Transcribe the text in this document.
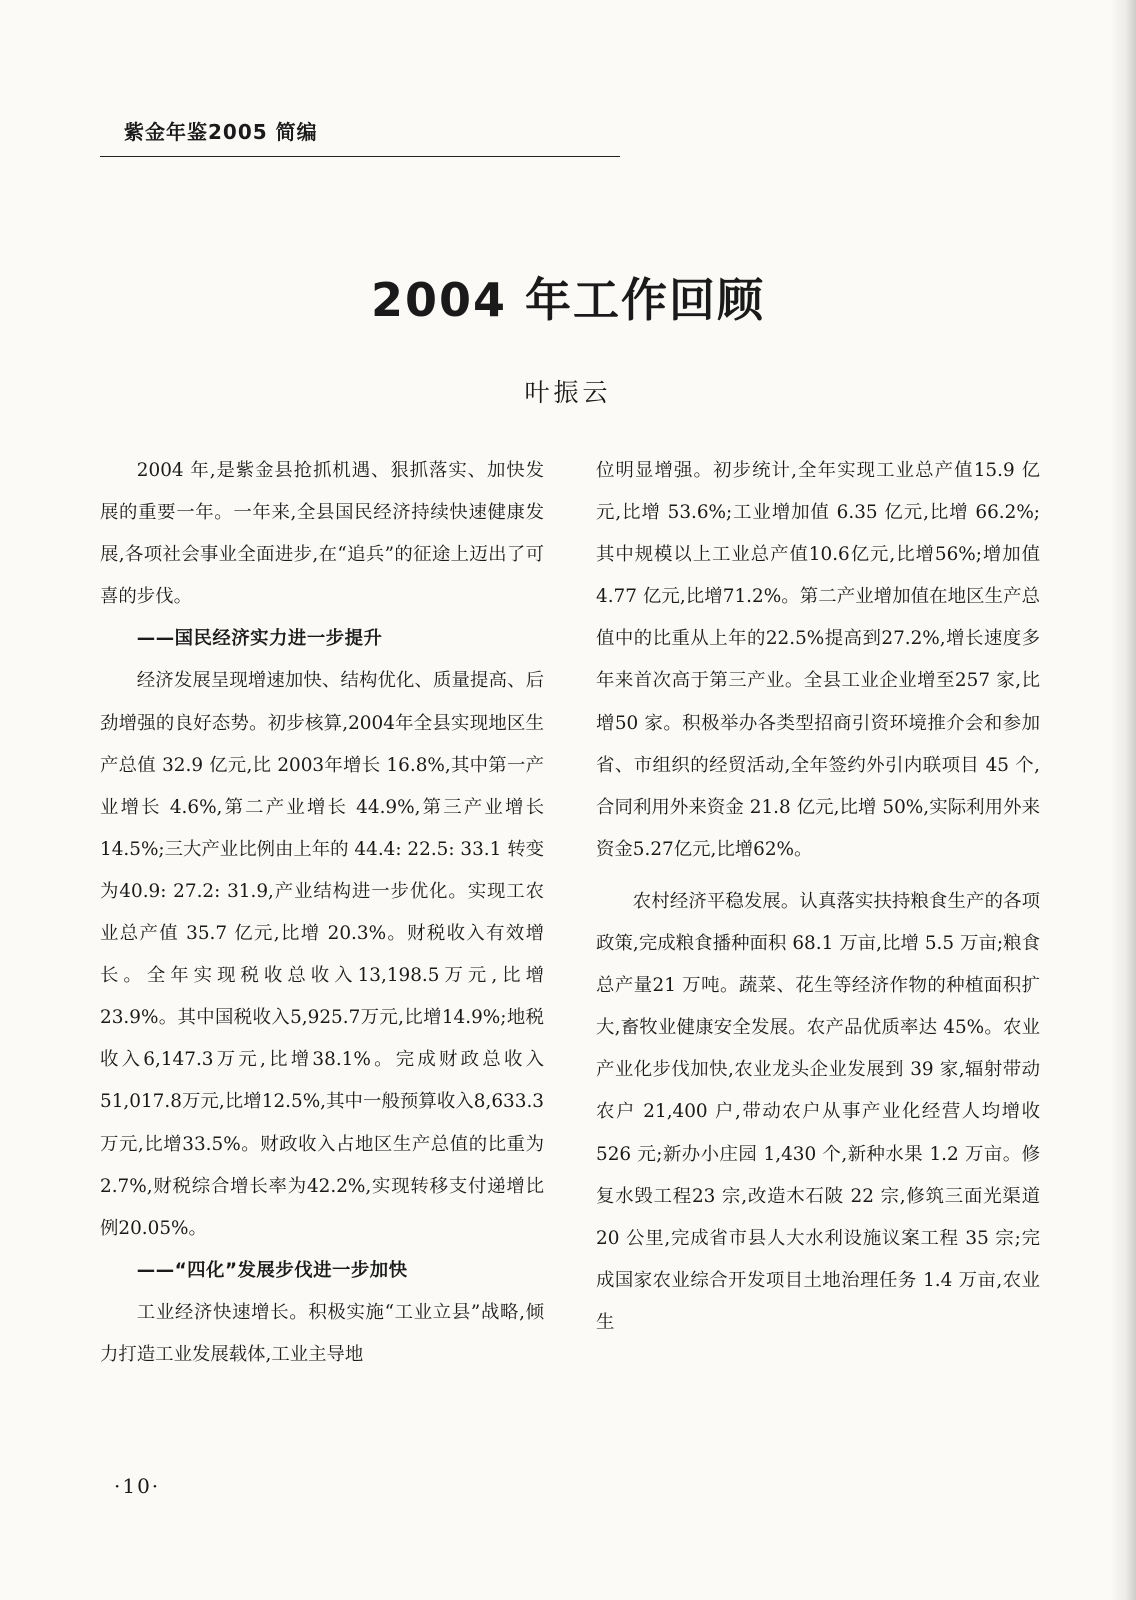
紫金年鉴2005 简编
2004 年工作回顾
叶振云

2004 年,是紫金县抢抓机遇、狠抓落实、加快发展的重要一年。一年来,全县国民经济持续快速健康发展,各项社会事业全面进步,在“追兵”的征途上迈出了可喜的步伐。

——国民经济实力进一步提升

经济发展呈现增速加快、结构优化、质量提高、后劲增强的良好态势。初步核算,2004年全县实现地区生产总值 32.9 亿元,比 2003年增长 16.8%,其中第一产业增长 4.6%,第二产业增长 44.9%,第三产业增长 14.5%;三大产业比例由上年的 44.4: 22.5: 33.1 转变为40.9: 27.2: 31.9,产业结构进一步优化。实现工农业总产值 35.7 亿元,比增 20.3%。财税收入有效增长。全年实现税收总收入13,198.5万元,比增 23.9%。其中国税收入5,925.7万元,比增14.9%;地税收入6,147.3万元,比增38.1%。完成财政总收入51,017.8万元,比增12.5%,其中一般预算收入8,633.3万元,比增33.5%。财政收入占地区生产总值的比重为 2.7%,财税综合增长率为42.2%,实现转移支付递增比例20.05%。

——“四化”发展步伐进一步加快

工业经济快速增长。积极实施“工业立县”战略,倾力打造工业发展载体,工业主导地

位明显增强。初步统计,全年实现工业总产值15.9 亿元,比增 53.6%;工业增加值 6.35 亿元,比增 66.2%;其中规模以上工业总产值10.6亿元,比增56%;增加值4.77 亿元,比增71.2%。第二产业增加值在地区生产总值中的比重从上年的22.5%提高到27.2%,增长速度多年来首次高于第三产业。全县工业企业增至257 家,比增50 家。积极举办各类型招商引资环境推介会和参加省、市组织的经贸活动,全年签约外引内联项目 45 个,合同利用外来资金 21.8 亿元,比增 50%,实际利用外来资金5.27亿元,比增62%。

农村经济平稳发展。认真落实扶持粮食生产的各项政策,完成粮食播种面积 68.1 万亩,比增 5.5 万亩;粮食总产量21 万吨。蔬菜、花生等经济作物的种植面积扩大,畜牧业健康安全发展。农产品优质率达 45%。农业产业化步伐加快,农业龙头企业发展到 39 家,辐射带动农户 21,400 户,带动农户从事产业化经营人均增收526 元;新办小庄园 1,430 个,新种水果 1.2 万亩。修复水毁工程23 宗,改造木石陂 22 宗,修筑三面光渠道20 公里,完成省市县人大水利设施议案工程 35 宗;完成国家农业综合开发项目土地治理任务 1.4 万亩,农业生

·10·
